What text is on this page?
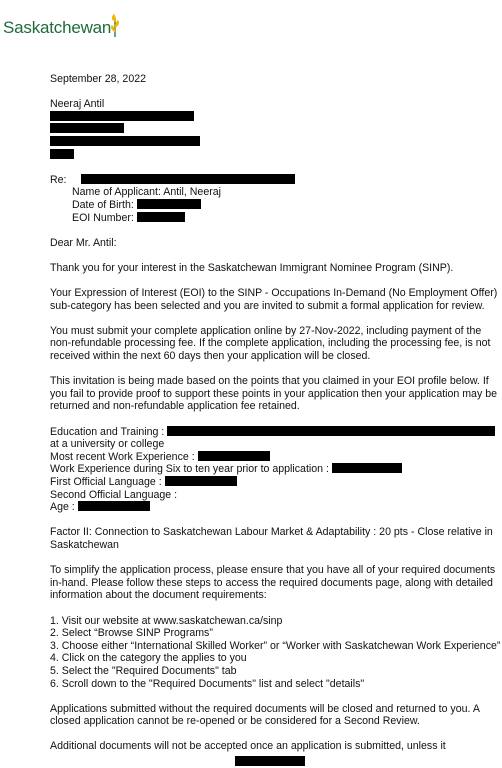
Saskatchewan
September 28, 2022
Neeraj Antil
Re:
Name of Applicant: Antil, Neeraj
Date of Birth:
EOI Number:
Dear Mr. Antil:

Thank you for your interest in the Saskatchewan Immigrant Nominee Program (SINP).

Your Expression of Interest (EOI) to the SINP - Occupations In-Demand (No Employment Offer) sub-category has been selected and you are invited to submit a formal application for review.

You must submit your complete application online by 27-Nov-2022, including payment of the non-refundable processing fee. If the complete application, including the processing fee, is not received within the next 60 days then your application will be closed.

This invitation is being made based on the points that you claimed in your EOI profile below. If you fail to provide proof to support these points in your application then your application may be returned and non-refundable application fee retained.

Education and Training :
at a university or college
Most recent Work Experience :
Work Experience during Six to ten year prior to application :
First Official Language :
Second Official Language :
Age :

Factor II: Connection to Saskatchewan Labour Market & Adaptability : 20 pts - Close relative in Saskatchewan

To simplify the application process, please ensure that you have all of your required documents in-hand. Please follow these steps to access the required documents page, along with detailed information about the document requirements:

1. Visit our website at www.saskatchewan.ca/sinp

2. Select “Browse SINP Programs”

3. Choose either “International Skilled Worker” or “Worker with Saskatchewan Work Experience”

4. Click on the category the applies to you

5. Select the "Required Documents" tab

6. Scroll down to the "Required Documents" list and select "details"

Applications submitted without the required documents will be closed and returned to you. A closed application cannot be re-opened or be considered for a Second Review.

Additional documents will not be accepted once an application is submitted, unless it
